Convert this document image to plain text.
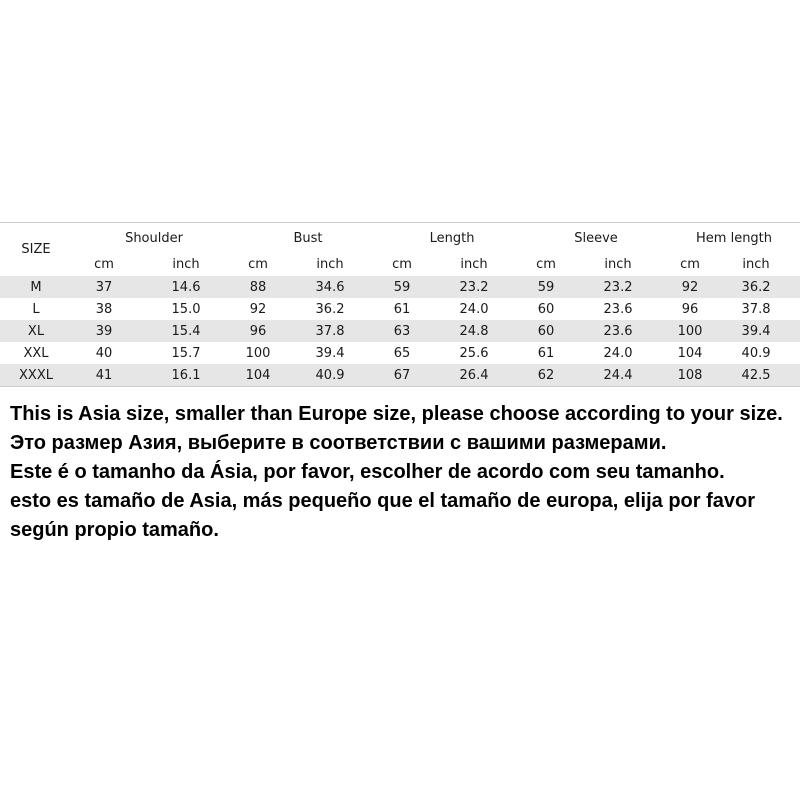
SIZE	Shoulder		Bust		Length		Sleeve		Hem length	
	cm	inch	cm	inch	cm	inch	cm	inch	cm	inch
M	37	14.6	88	34.6	59	23.2	59	23.2	92	36.2
L	38	15.0	92	36.2	61	24.0	60	23.6	96	37.8
XL	39	15.4	96	37.8	63	24.8	60	23.6	100	39.4
XXL	40	15.7	100	39.4	65	25.6	61	24.0	104	40.9
XXXL	41	16.1	104	40.9	67	26.4	62	24.4	108	42.5

This is Asia size, smaller than Europe size, please choose according to your size.

Это размер Азия, выберите в соответствии с вашими размерами.

Este é o tamanho da Ásia, por favor, escolher de acordo com seu tamanho.

esto es tamaño de Asia, más pequeño que el tamaño de europa, elija por favor según propio tamaño.
